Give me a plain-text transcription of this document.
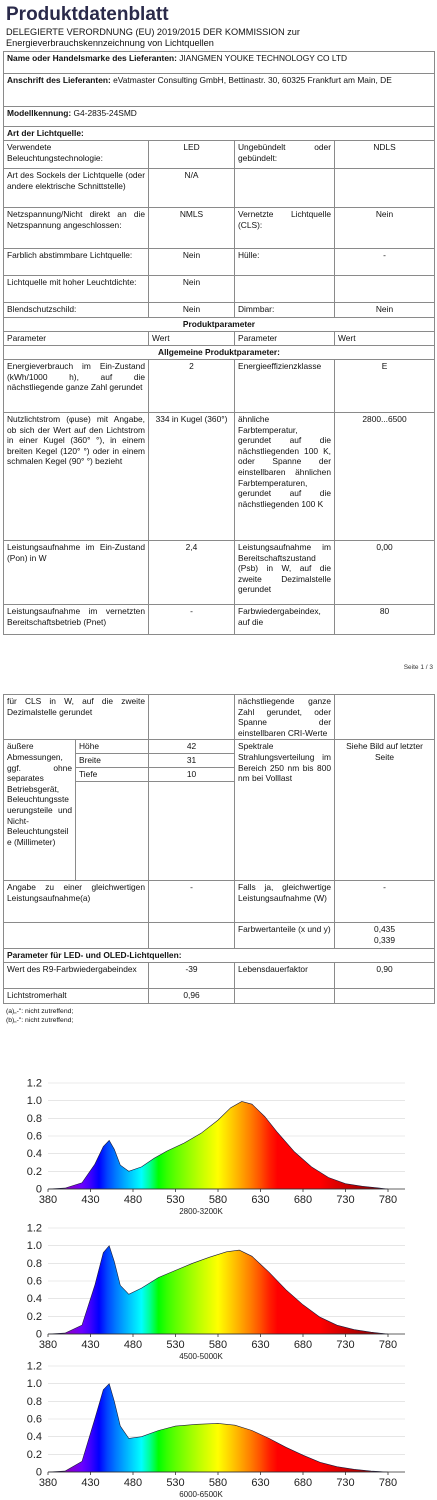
Produktdatenblatt
DELEGIERTE VERORDNUNG (EU) 2019/2015 DER KOMMISSION zur
Energieverbrauchskennzeichnung von Lichtquellen
Name oder Handelsmarke des Lieferanten: JIANGMEN YOUKE TECHNOLOGY CO LTD			
Anschrift des Lieferanten: eVatmaster Consulting GmbH, Bettinastr. 30, 60325 Frankfurt am Main, DE			
Modellkennung: G4-2835-24SMD			
Art der Lichtquelle:			
Verwendete Beleuchtungstechnologie:	LED	Ungebündelt oder gebündelt:	NDLS
Art des Sockels der Lichtquelle (oder andere elektrische Schnittstelle)	N/A		
Netzspannung/Nicht direkt an die Netzspannung angeschlossen:	NMLS	Vernetzte Lichtquelle (CLS):	Nein
Farblich abstimmbare Lichtquelle:	Nein	Hülle:	-
Lichtquelle mit hoher Leuchtdichte:	Nein		
Blendschutzschild:	Nein	Dimmbar:	Nein
Produktparameter			
Parameter	Wert	Parameter	Wert
Allgemeine Produktparameter:			
Energieverbrauch im Ein-Zustand (kWh/1000 h), auf die nächstliegende ganze Zahl gerundet	2	Energieeffizienzklasse	E
Nutzlichtstrom (φuse) mit Angabe, ob sich der Wert auf den Lichtstrom in einer Kugel (360° °), in einem breiten Kegel (120° °) oder in einem schmalen Kegel (90° °) bezieht	334 in Kugel (360°)	ähnliche Farbtemperatur, gerundet auf die nächstliegenden 100 K, oder Spanne der einstellbaren ähnlichen Farbtemperaturen, gerundet auf die nächstliegenden 100 K	2800...6500
Leistungsaufnahme im Ein-Zustand (Pon) in W	2,4	Leistungsaufnahme im Bereitschaftszustand (Psb) in W, auf die zweite Dezimalstelle gerundet	0,00
Leistungsaufnahme im vernetzten Bereitschaftsbetrieb (Pnet)	-	Farbwiedergabeindex, auf die	80
Seite 1 / 3
für CLS in W, auf die zweite Dezimalstelle gerundet			nächstliegende ganze Zahl gerundet, oder Spanne der einstellbaren CRI-Werte	
äußere Abmessungen, ggf. ohne separates Betriebsgerät, Beleuchtungssteuerungsteile und Nicht-Beleuchtungsteile (Millimeter)	Höhe	42	Spektrale Strahlungsverteilung im Bereich 250 nm bis 800 nm bei Volllast	Siehe Bild auf letzter Seite
	Breite	31		
	Tiefe	10		

Angabe zu einer gleichwertigen Leistungsaufnahme(a)		-	Falls ja, gleichwertige Leistungsaufnahme (W)	-
			Farbwertanteile (x und y)	0,435
0,339

Parameter für LED- und OLED-Lichtquellen:				
Wert des R9-Farbwiedergabeindex		-39	Lebensdauerfaktor	0,90
Lichtstromerhalt		0,96		
(a)„-": nicht zutreffend;
(b)„-": nicht zutreffend;
0
0.2
0.4
0.6
0.8
1.0
1.2
380 430 480 530 580 630 680 730 780
2800-3200K
0
0.2
0.4
0.6
0.8
1.0
1.2
380 430 480 530 580 630 680 730 780
4500-5000K
0
0.2
0.4
0.6
0.8
1.0
1.2
380 430 480 530 580 630 680 730 780
6000-6500K
